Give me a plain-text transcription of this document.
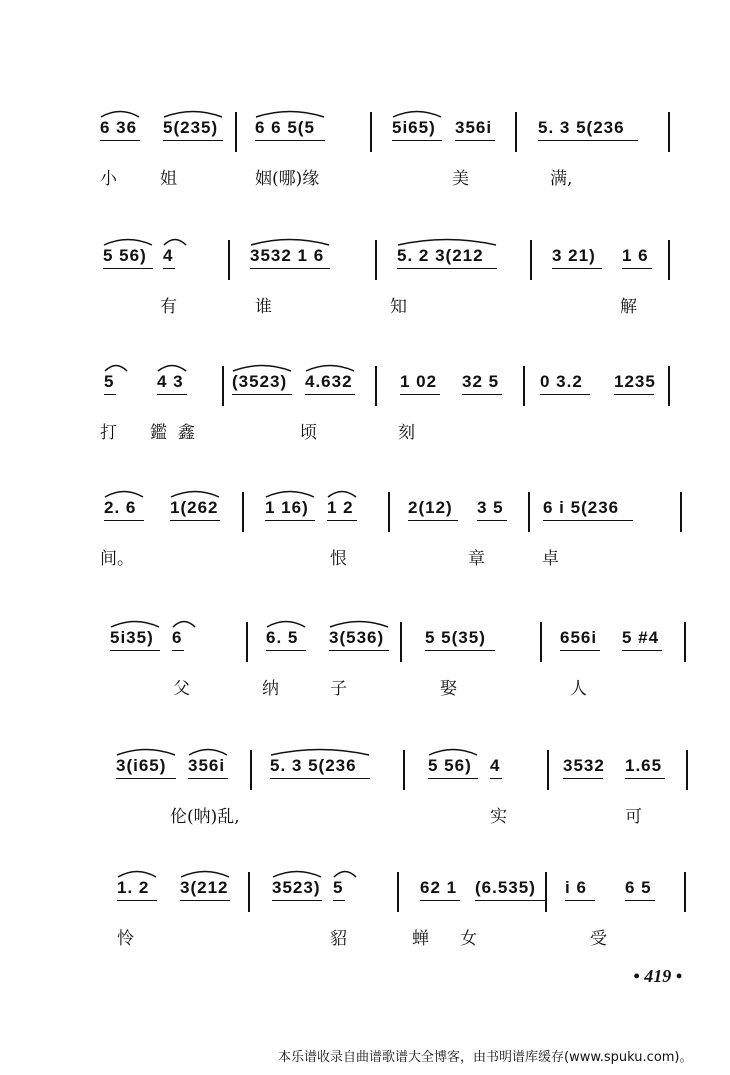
6 36 5(235) 6 6 5(5	5i65) 356i	5. 3 5(236
小	姐	姻(哪)缘	美	满,
5 56) 4	3532 1 6	5. 2 3(212	3 21) 1 6
有	谁	知	解
5	4 3	(3523) 4.632	1 02 32 5 0 3.2 1235
打 鑑 鑫	顷	刻
2. 6 1(262	1 16) 1 2	2(12) 3 5 6 i 5(236
间。	恨	章	卓
5i35) 6	6. 5 3(536) 5 5(35)	656i 5 #4
父	纳	子	娶	人
3(i65) 356i	5. 3 5(236	5 56) 4	3532 1.65
伦(呐)乱,	实	可
1. 2 3(212	3523) 5	62 1 (6.535) i 6 6 5
怜	貂	蝉 女	受
• 419 •
本乐谱收录自曲谱歌谱大全博客，由书明谱库缓存(www.spuku.com)。
